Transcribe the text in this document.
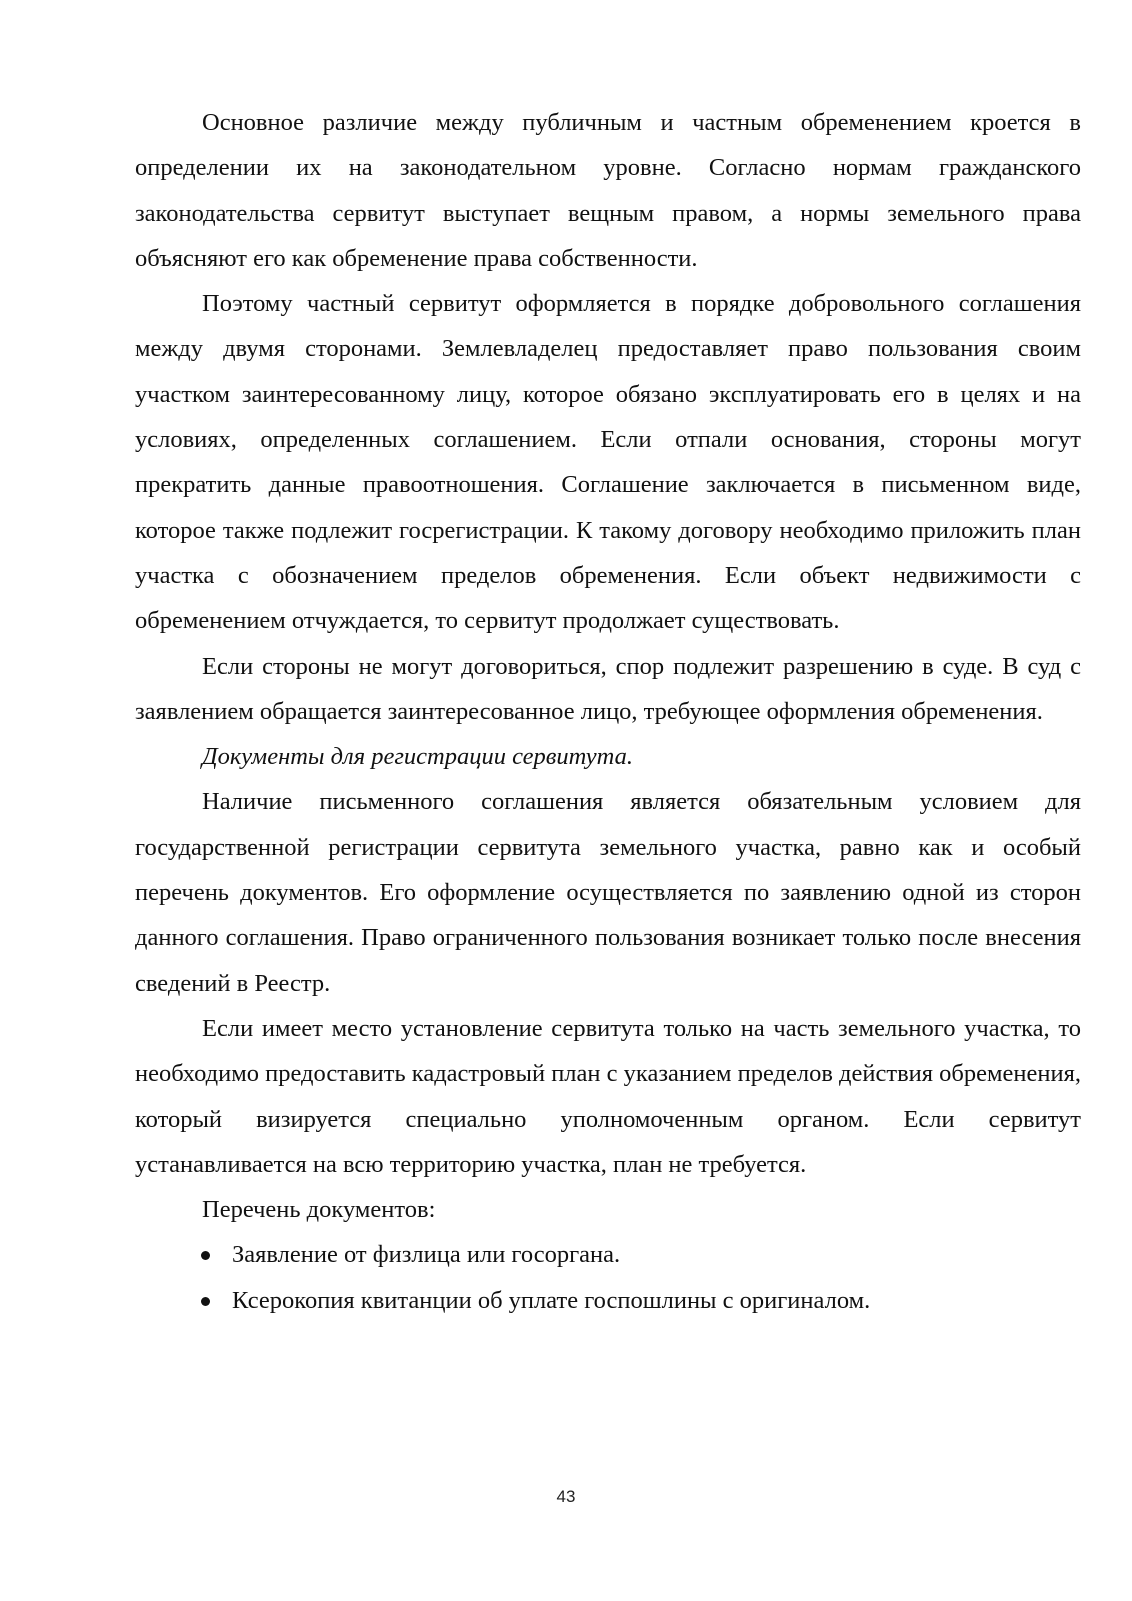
Основное различие между публичным и частным обременением кроется в определении их на законодательном уровне. Согласно нормам гражданского законодательства сервитут выступает вещным правом, а нормы земельного права объясняют его как обременение права собственности.

Поэтому частный сервитут оформляется в порядке добровольного соглашения между двумя сторонами. Землевладелец предоставляет право пользования своим участком заинтересованному лицу, которое обязано эксплуатировать его в целях и на условиях, определенных соглашением. Если отпали основания, стороны могут прекратить данные правоотношения. Соглашение заключается в письменном виде, которое также подлежит госрегистрации. К такому договору необходимо приложить план участка с обозначением пределов обременения. Если объект недвижимости с обременением отчуждается, то сервитут продолжает существовать.

Если стороны не могут договориться, спор подлежит разрешению в суде. В суд с заявлением обращается заинтересованное лицо, требующее оформления обременения.

Документы для регистрации сервитута.

Наличие письменного соглашения является обязательным условием для государственной регистрации сервитута земельного участка, равно как и особый перечень документов. Его оформление осуществляется по заявлению одной из сторон данного соглашения. Право ограниченного пользования возникает только после внесения сведений в Реестр.

Если имеет место установление сервитута только на часть земельного участка, то необходимо предоставить кадастровый план с указанием пределов действия обременения, который визируется специально уполномоченным органом. Если сервитут устанавливается на всю территорию участка, план не требуется.

Перечень документов:

Заявление от физлица или госоргана.
Ксерокопия квитанции об уплате госпошлины с оригиналом.
43
